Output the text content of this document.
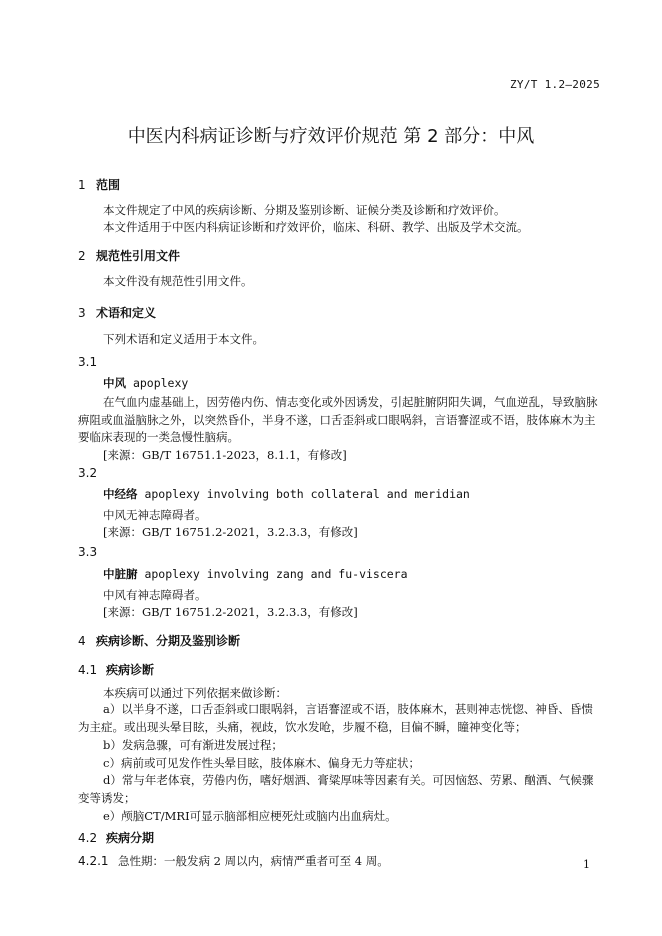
ZY/T 1.2—2025
中医内科病证诊断与疗效评价规范 第 2 部分：中风
1 范围
本文件规定了中风的疾病诊断、分期及鉴别诊断、证候分类及诊断和疗效评价。
本文件适用于中医内科病证诊断和疗效评价，临床、科研、教学、出版及学术交流。
2 规范性引用文件
本文件没有规范性引用文件。
3 术语和定义
下列术语和定义适用于本文件。
3.1
中风 apoplexy
在气血内虚基础上，因劳倦内伤、情志变化或外因诱发，引起脏腑阴阳失调，气血逆乱，导致脑脉痹阻或血溢脑脉之外，以突然昏仆，半身不遂，口舌歪斜或口眼㖞斜，言语謇涩或不语，肢体麻木为主要临床表现的一类急慢性脑病。
[来源：GB/T 16751.1-2023，8.1.1，有修改]
3.2
中经络 apoplexy involving both collateral and meridian
中风无神志障碍者。
[来源：GB/T 16751.2-2021，3.2.3.3，有修改]
3.3
中脏腑 apoplexy involving zang and fu-viscera
中风有神志障碍者。
[来源：GB/T 16751.2-2021，3.2.3.3，有修改]
4 疾病诊断、分期及鉴别诊断
4.1 疾病诊断
本疾病可以通过下列依据来做诊断：
a）以半身不遂，口舌歪斜或口眼㖞斜，言语謇涩或不语，肢体麻木，甚则神志恍惚、神昏、昏愦为主症。或出现头晕目眩，头痛，视歧，饮水发呛，步履不稳，目偏不瞬，瞳神变化等；
b）发病急骤，可有渐进发展过程；
c）病前或可见发作性头晕目眩，肢体麻木、偏身无力等症状；
d）常与年老体衰，劳倦内伤，嗜好烟酒、膏粱厚味等因素有关。可因恼怒、劳累、酗酒、气候骤变等诱发；
e）颅脑CT/MRI可显示脑部相应梗死灶或脑内出血病灶。
4.2 疾病分期
4.2.1 急性期：一般发病 2 周以内，病情严重者可至 4 周。	1
